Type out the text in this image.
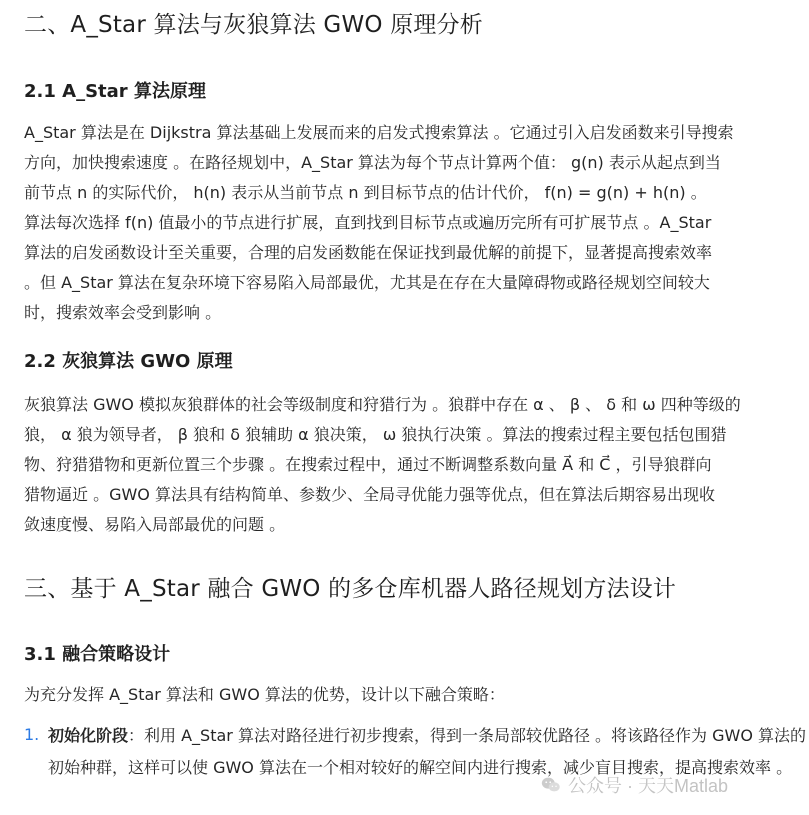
二、A_Star 算法与灰狼算法 GWO 原理分析
2.1 A_Star 算法原理

A_Star 算法是在 Dijkstra 算法基础上发展而来的启发式搜索算法 。它通过引入启发函数来引导搜索
方向，加快搜索速度 。在路径规划中，A_Star 算法为每个节点计算两个值： g(n) 表示从起点到当
前节点 n 的实际代价， h(n) 表示从当前节点 n 到目标节点的估计代价， f(n) = g(n) + h(n) 。
算法每次选择 f(n) 值最小的节点进行扩展，直到找到目标节点或遍历完所有可扩展节点 。A_Star
算法的启发函数设计至关重要，合理的启发函数能在保证找到最优解的前提下，显著提高搜索效率
。但 A_Star 算法在复杂环境下容易陷入局部最优，尤其是在存在大量障碍物或路径规划空间较大
时，搜索效率会受到影响 。

2.2 灰狼算法 GWO 原理

灰狼算法 GWO 模拟灰狼群体的社会等级制度和狩猎行为 。狼群中存在 α 、 β 、 δ 和 ω 四种等级的
狼， α 狼为领导者， β 狼和 δ 狼辅助 α 狼决策， ω 狼执行决策 。算法的搜索过程主要包括包围猎
物、狩猎猎物和更新位置三个步骤 。在搜索过程中，通过不断调整系数向量 A⃗ 和 C⃗ ，引导狼群向
猎物逼近 。GWO 算法具有结构简单、参数少、全局寻优能力强等优点，但在算法后期容易出现收
敛速度慢、易陷入局部最优的问题 。

三、基于 A_Star 融合 GWO 的多仓库机器人路径规划方法设计
3.1 融合策略设计

为充分发挥 A_Star 算法和 GWO 算法的优势，设计以下融合策略：

1. 初始化阶段：利用 A_Star 算法对路径进行初步搜索，得到一条局部较优路径 。将该路径作为 GWO 算法的初始种群，这样可以使 GWO 算法在一个相对较好的解空间内进行搜索，减少盲目搜索，提高搜索效率 。
公众号 · 天天Matlab
